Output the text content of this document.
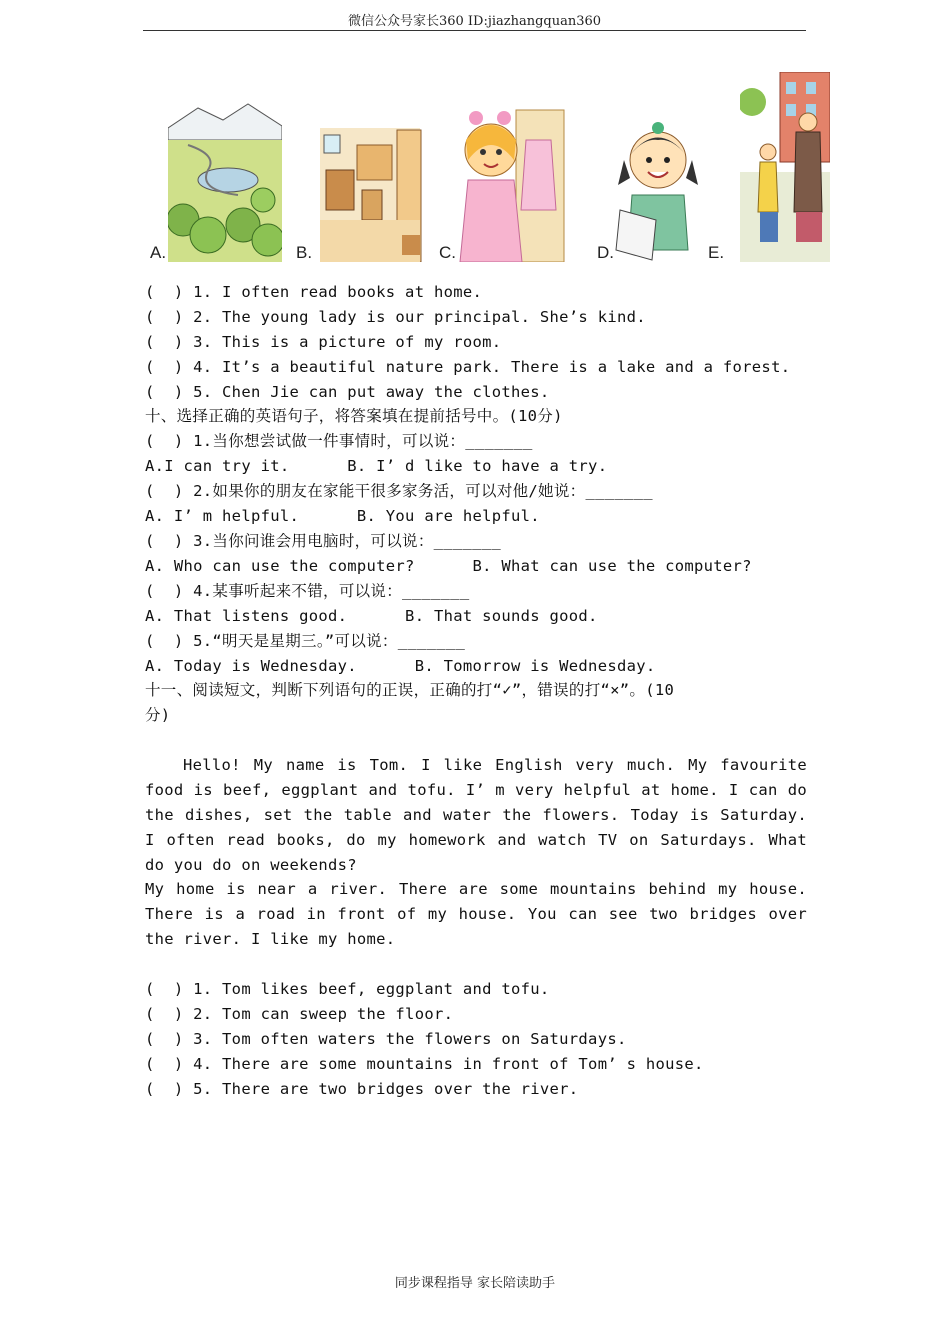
微信公众号家长360 ID:jiazhangquan360
A.	B.	C.	D.	E.
(  ) 1. I often read books at home.
(  ) 2. The young lady is our principal. She’s kind.
(  ) 3. This is a picture of my room.
(  ) 4. It’s a beautiful nature park. There is a lake and a forest.
(  ) 5. Chen Jie can put away the clothes.
十、选择正确的英语句子，将答案填在提前括号中。(10分)
(  ) 1.当你想尝试做一件事情时，可以说：_______
A.I can try it.      B. I’ d like to have a try.
(  ) 2.如果你的朋友在家能干很多家务活，可以对他/她说：_______
A. I’ m helpful.      B. You are helpful.
(  ) 3.当你问谁会用电脑时，可以说：_______
A. Who can use the computer?      B. What can use the computer?
(  ) 4.某事听起来不错，可以说：_______
A. That listens good.      B. That sounds good.
(  ) 5.“明天是星期三。”可以说：_______
A. Today is Wednesday.      B. Tomorrow is Wednesday.
十一、阅读短文，判断下列语句的正误，正确的打“✓”，错误的打“×”。(10
分)
Hello! My name is Tom. I like English very much. My favourite food is beef, eggplant and tofu. I’ m very helpful at home. I can do the dishes, set the table and water the flowers. Today is Saturday. I often read books, do my homework and watch TV on Saturdays. What do you do on weekends?
My home is near a river. There are some mountains behind my house. There is a road in front of my house. You can see two bridges over the river. I like my home.
(  ) 1. Tom likes beef, eggplant and tofu.
(  ) 2. Tom can sweep the floor.
(  ) 3. Tom often waters the flowers on Saturdays.
(  ) 4. There are some mountains in front of Tom’ s house.
(  ) 5. There are two bridges over the river.
同步课程指导 家长陪读助手
